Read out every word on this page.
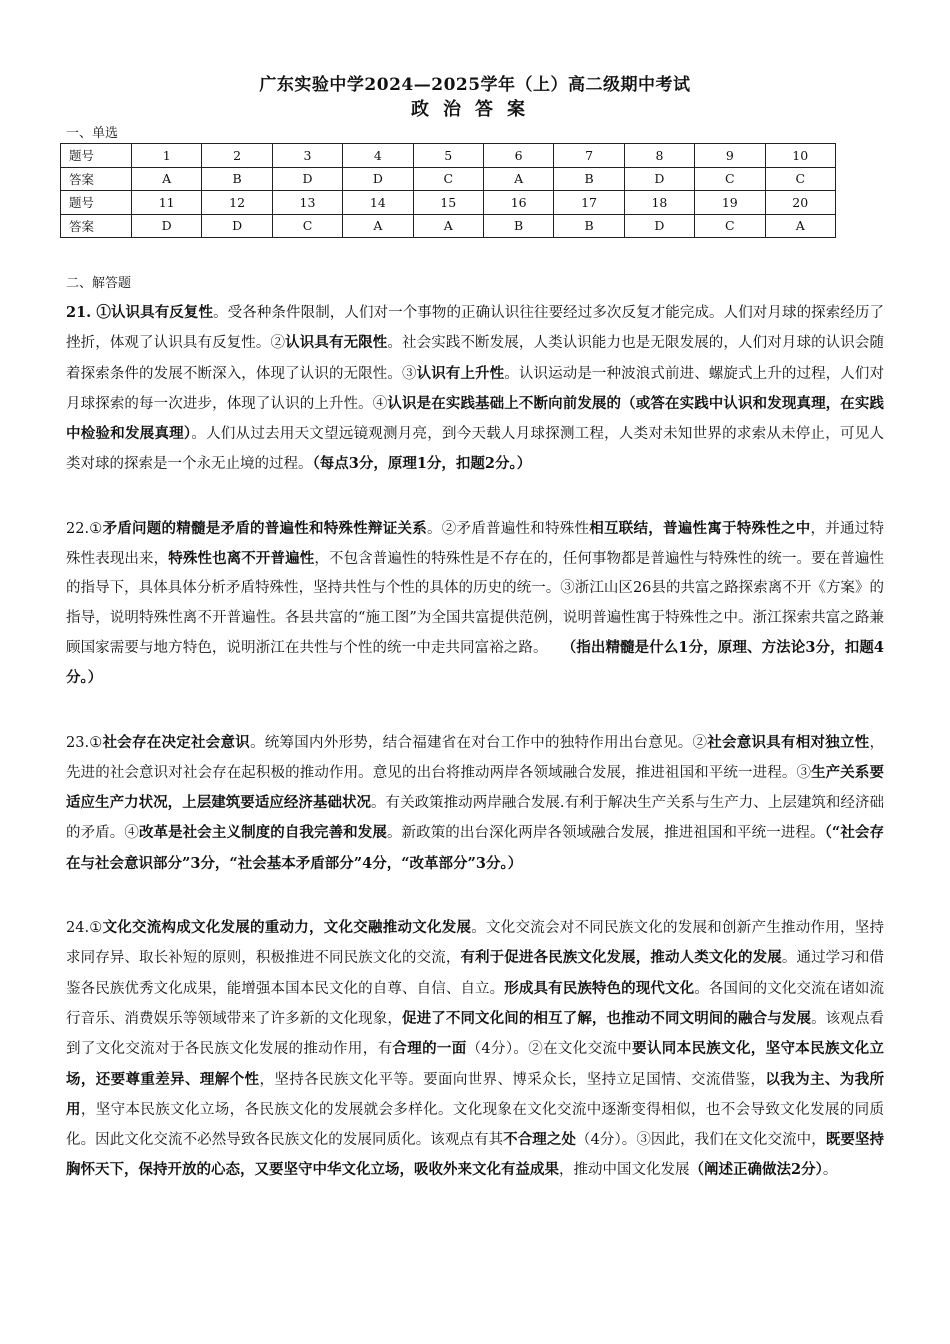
广东实验中学2024—2025学年（上）高二级期中考试
政治答案
一、单选
题号	1	2	3	4	5	6	7	8	9	10
答案	A	B	D	D	C	A	B	D	C	C
题号	11	12	13	14	15	16	17	18	19	20
答案	D	D	C	A	A	B	B	D	C	A
二、解答题

21. ①认识具有反复性。受各种条件限制，人们对一个事物的正确认识往往要经过多次反复才能完成。人们对月球的探索经历了挫折，体观了认识具有反复性。②认识具有无限性。社会实践不断发展，人类认识能力也是无限发展的，人们对月球的认识会随着探索条件的发展不断深入，体现了认识的无限性。③认识有上升性。认识运动是一种波浪式前进、螺旋式上升的过程，人们对月球探索的每一次进步，体现了认识的上升性。④认识是在实践基础上不断向前发展的（或答在实践中认识和发现真理，在实践中检验和发展真理）。人们从过去用天文望远镜观测月亮，到今天载人月球探测工程，人类对未知世界的求索从未停止，可见人类对球的探索是一个永无止境的过程。（每点3分，原理1分，扣题2分。）

22.①矛盾问题的精髓是矛盾的普遍性和特殊性辩证关系。②矛盾普遍性和特殊性相互联结，普遍性寓于特殊性之中，并通过特殊性表现出来，特殊性也离不开普遍性，不包含普遍性的特殊性是不存在的，任何事物都是普遍性与特殊性的统一。要在普遍性的指导下，具体具体分析矛盾特殊性，坚持共性与个性的具体的历史的统一。③浙江山区26县的共富之路探索离不开《方案》的指导，说明特殊性离不开普遍性。各县共富的“施工图”为全国共富提供范例，说明普遍性寓于特殊性之中。浙江探索共富之路兼顾国家需要与地方特色，说明浙江在共性与个性的统一中走共同富裕之路。 （指出精髓是什么1分，原理、方法论3分，扣题4分。）

23.①社会存在决定社会意识。统筹国内外形势，结合福建省在对台工作中的独特作用出台意见。②社会意识具有相对独立性，先进的社会意识对社会存在起积极的推动作用。意见的出台将推动两岸各领域融合发展，推进祖国和平统一进程。③生产关系要适应生产力状况，上层建筑要适应经济基础状况。有关政策推动两岸融合发展.有利于解决生产关系与生产力、上层建筑和经济础的矛盾。④改革是社会主义制度的自我完善和发展。新政策的出台深化两岸各领域融合发展，推进祖国和平统一进程。（“社会存在与社会意识部分”3分，“社会基本矛盾部分”4分，“改革部分”3分。）

24.①文化交流构成文化发展的重动力，文化交融推动文化发展。文化交流会对不同民族文化的发展和创新产生推动作用，坚持求同存异、取长补短的原则，积极推进不同民族文化的交流，有利于促进各民族文化发展，推动人类文化的发展。通过学习和借鉴各民族优秀文化成果，能增强本国本民文化的自尊、自信、自立。形成具有民族特色的现代文化。各国间的文化交流在诸如流行音乐、消费娱乐等领域带来了许多新的文化现象，促进了不同文化间的相互了解，也推动不同文明间的融合与发展。该观点看到了文化交流对于各民族文化发展的推动作用，有合理的一面（4分）。②在文化交流中要认同本民族文化，坚守本民族文化立场，还要尊重差异、理解个性，坚持各民族文化平等。要面向世界、博采众长，坚持立足国情、交流借鉴，以我为主、为我所用，坚守本民族文化立场，各民族文化的发展就会多样化。文化现象在文化交流中逐渐变得相似，也不会导致文化发展的同质化。因此文化交流不必然导致各民族文化的发展同质化。该观点有其不合理之处（4分）。③因此，我们在文化交流中，既要坚持胸怀天下，保持开放的心态，又要坚守中华文化立场，吸收外来文化有益成果，推动中国文化发展（阐述正确做法2分）。
